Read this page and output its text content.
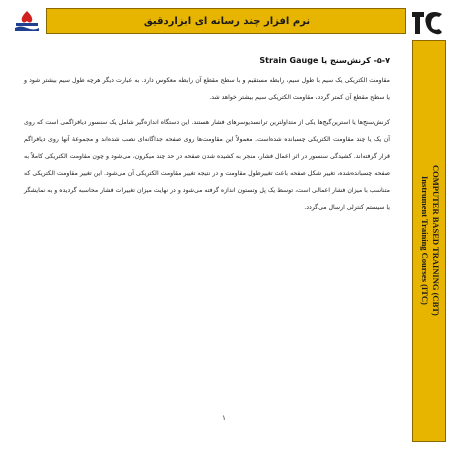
نرم افزار چند رسانه ای ابزاردقیق
COMPUTER BASED TRAINING (CBT)
Instrument Training Courses (ITC)
۵-۷- کرنش‌سنج یا Strain Gauge

مقاومت الکتریکی یک سیم با طول سیم، رابطه مستقیم و با سطح مقطع آن رابطه معکوس دارد. به عبارت دیگر هرچه طول سیم بیشتر شود و یا سطح مقطع آن کمتر گردد، مقاومت الکتریکی سیم بیشتر خواهد شد.

کرنش‌سنج‌ها یا استرین‌گیج‌ها یکی از متداولترین ترانسدیوسرهای فشار هستند. این دستگاه اندازه‌گیر شامل یک سنسور دیافراگمی است که روی آن یک یا چند مقاومت الکتریکی چسبانده شده‌است. معمولاً این مقاومت‌ها روی صفحه جداگانه‌ای نصب شده‌اند و مجموعهٔ آنها روی دیافراگم قرار گرفته‌اند. کشیدگی سنسور در اثر اعمال فشار، منجر به کشیده شدن صفحه در حد چند میکرون، می‌شود و چون مقاومت الکتریکی کاملاً به صفحه چسبانده‌شده، تغییر شکل صفحه باعث تغییرطول مقاومت و در نتیجه تغییر مقاومت الکتریکی آن می‌شود. این تغییر مقاومت الکتریکی که متناسب با میزان فشار اعمالی است، توسط یک پل وتستون اندازه گرفته می‌شود و در نهایت میزان تغییرات فشار محاسبه گردیده و به نمایشگر یا سیستم کنترلی ارسال می‌گردد.

۱
